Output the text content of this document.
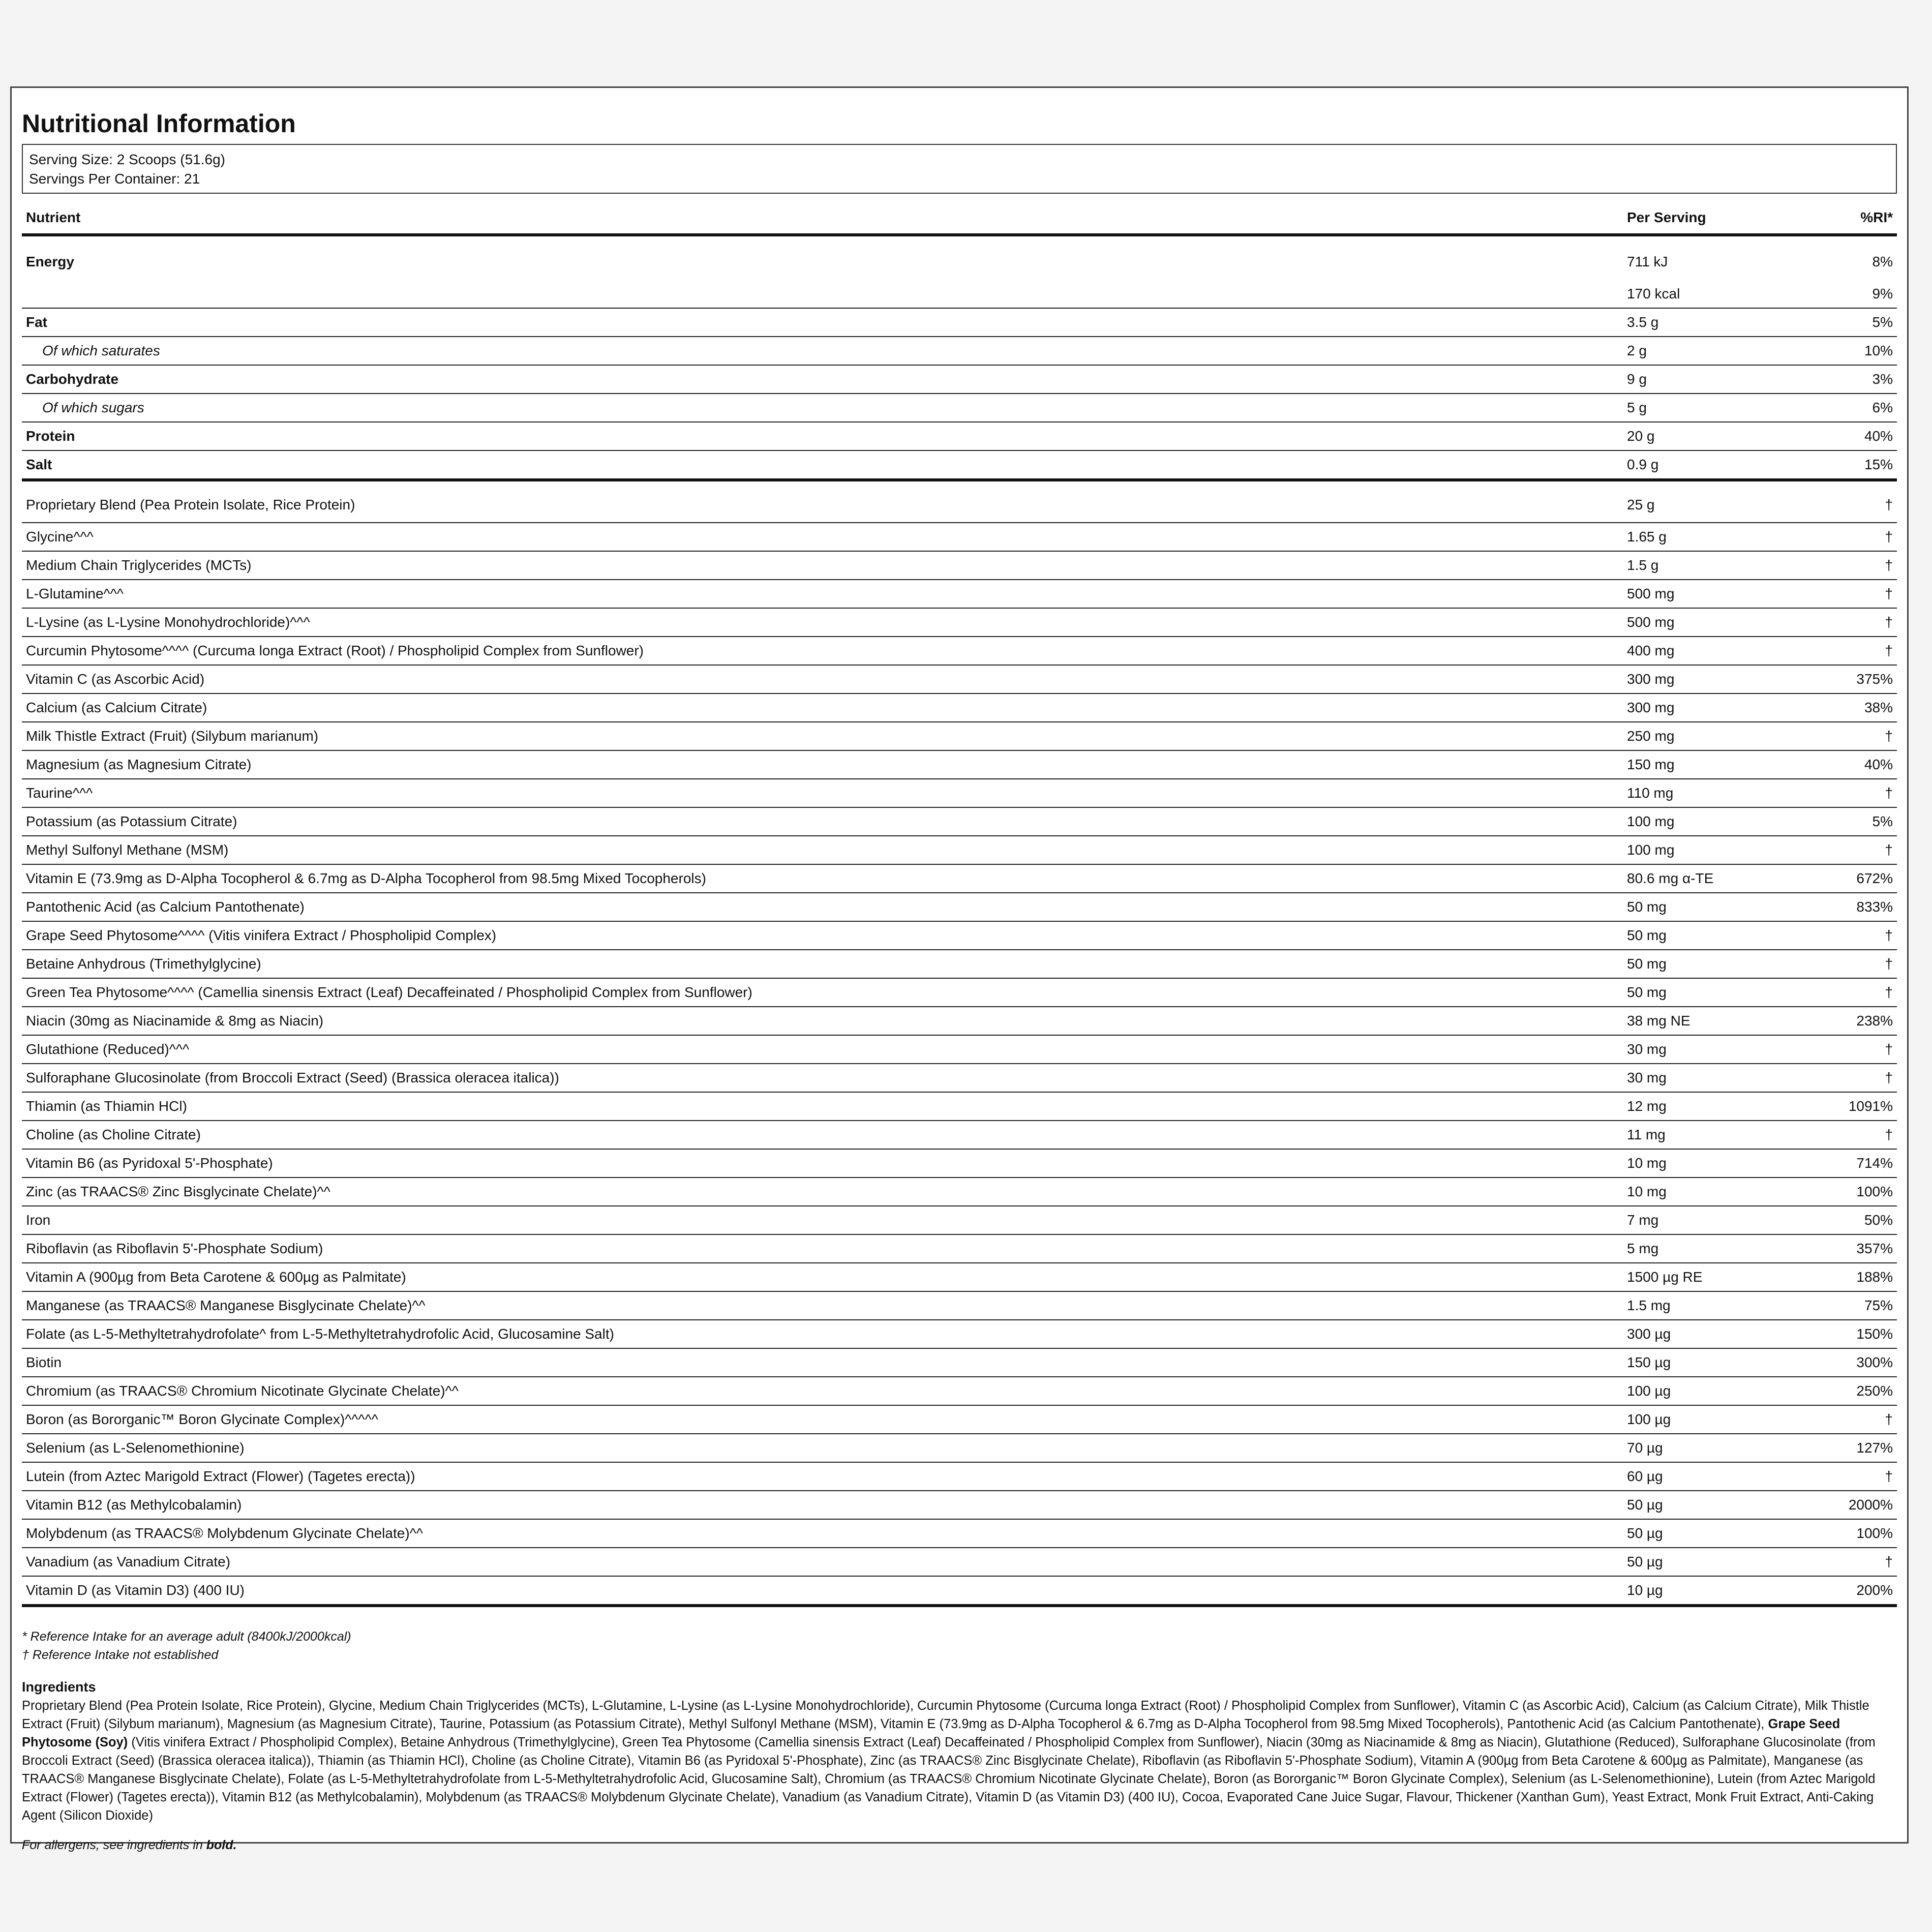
Nutritional Information
Serving Size: 2 Scoops (51.6g)
Servings Per Container: 21
Nutrient	Per Serving	%RI*
Energy	711 kJ	8%
	170 kcal	9%
Fat	3.5 g	5%
Of which saturates	2 g	10%
Carbohydrate	9 g	3%
Of which sugars	5 g	6%
Protein	20 g	40%
Salt	0.9 g	15%
Proprietary Blend (Pea Protein Isolate, Rice Protein)	25 g	†
Glycine^^^	1.65 g	†
Medium Chain Triglycerides (MCTs)	1.5 g	†
L-Glutamine^^^	500 mg	†
L-Lysine (as L-Lysine Monohydrochloride)^^^	500 mg	†
Curcumin Phytosome^^^^ (Curcuma longa Extract (Root) / Phospholipid Complex from Sunflower)	400 mg	†
Vitamin C (as Ascorbic Acid)	300 mg	375%
Calcium (as Calcium Citrate)	300 mg	38%
Milk Thistle Extract (Fruit) (Silybum marianum)	250 mg	†
Magnesium (as Magnesium Citrate)	150 mg	40%
Taurine^^^	110 mg	†
Potassium (as Potassium Citrate)	100 mg	5%
Methyl Sulfonyl Methane (MSM)	100 mg	†
Vitamin E (73.9mg as D-Alpha Tocopherol & 6.7mg as D-Alpha Tocopherol from 98.5mg Mixed Tocopherols)	80.6 mg α-TE	672%
Pantothenic Acid (as Calcium Pantothenate)	50 mg	833%
Grape Seed Phytosome^^^^ (Vitis vinifera Extract / Phospholipid Complex)	50 mg	†
Betaine Anhydrous (Trimethylglycine)	50 mg	†
Green Tea Phytosome^^^^ (Camellia sinensis Extract (Leaf) Decaffeinated / Phospholipid Complex from Sunflower)	50 mg	†
Niacin (30mg as Niacinamide & 8mg as Niacin)	38 mg NE	238%
Glutathione (Reduced)^^^	30 mg	†
Sulforaphane Glucosinolate (from Broccoli Extract (Seed) (Brassica oleracea italica))	30 mg	†
Thiamin (as Thiamin HCl)	12 mg	1091%
Choline (as Choline Citrate)	11 mg	†
Vitamin B6 (as Pyridoxal 5'-Phosphate)	10 mg	714%
Zinc (as TRAACS® Zinc Bisglycinate Chelate)^^	10 mg	100%
Iron	7 mg	50%
Riboflavin (as Riboflavin 5'-Phosphate Sodium)	5 mg	357%
Vitamin A (900µg from Beta Carotene & 600µg as Palmitate)	1500 µg RE	188%
Manganese (as TRAACS® Manganese Bisglycinate Chelate)^^	1.5 mg	75%
Folate (as L-5-Methyltetrahydrofolate^ from L-5-Methyltetrahydrofolic Acid, Glucosamine Salt)	300 µg	150%
Biotin	150 µg	300%
Chromium (as TRAACS® Chromium Nicotinate Glycinate Chelate)^^	100 µg	250%
Boron (as Bororganic™ Boron Glycinate Complex)^^^^^	100 µg	†
Selenium (as L-Selenomethionine)	70 µg	127%
Lutein (from Aztec Marigold Extract (Flower) (Tagetes erecta))	60 µg	†
Vitamin B12 (as Methylcobalamin)	50 µg	2000%
Molybdenum (as TRAACS® Molybdenum Glycinate Chelate)^^	50 µg	100%
Vanadium (as Vanadium Citrate)	50 µg	†
Vitamin D (as Vitamin D3) (400 IU)	10 µg	200%
* Reference Intake for an average adult (8400kJ/2000kcal)
† Reference Intake not established
Ingredients
Proprietary Blend (Pea Protein Isolate, Rice Protein), Glycine, Medium Chain Triglycerides (MCTs), L-Glutamine, L-Lysine (as L-Lysine Monohydrochloride), Curcumin Phytosome (Curcuma longa Extract (Root) / Phospholipid Complex from Sunflower), Vitamin C (as Ascorbic Acid), Calcium (as Calcium Citrate), Milk Thistle Extract (Fruit) (Silybum marianum), Magnesium (as Magnesium Citrate), Taurine, Potassium (as Potassium Citrate), Methyl Sulfonyl Methane (MSM), Vitamin E (73.9mg as D-Alpha Tocopherol & 6.7mg as D-Alpha Tocopherol from 98.5mg Mixed Tocopherols), Pantothenic Acid (as Calcium Pantothenate), Grape Seed Phytosome (Soy) (Vitis vinifera Extract / Phospholipid Complex), Betaine Anhydrous (Trimethylglycine), Green Tea Phytosome (Camellia sinensis Extract (Leaf) Decaffeinated / Phospholipid Complex from Sunflower), Niacin (30mg as Niacinamide & 8mg as Niacin), Glutathione (Reduced), Sulforaphane Glucosinolate (from Broccoli Extract (Seed) (Brassica oleracea italica)), Thiamin (as Thiamin HCl), Choline (as Choline Citrate), Vitamin B6 (as Pyridoxal 5'-Phosphate), Zinc (as TRAACS® Zinc Bisglycinate Chelate), Riboflavin (as Riboflavin 5'-Phosphate Sodium), Vitamin A (900µg from Beta Carotene & 600µg as Palmitate), Manganese (as TRAACS® Manganese Bisglycinate Chelate), Folate (as L-5-Methyltetrahydrofolate from L-5-Methyltetrahydrofolic Acid, Glucosamine Salt), Chromium (as TRAACS® Chromium Nicotinate Glycinate Chelate), Boron (as Bororganic™ Boron Glycinate Complex), Selenium (as L-Selenomethionine), Lutein (from Aztec Marigold Extract (Flower) (Tagetes erecta)), Vitamin B12 (as Methylcobalamin), Molybdenum (as TRAACS® Molybdenum Glycinate Chelate), Vanadium (as Vanadium Citrate), Vitamin D (as Vitamin D3) (400 IU), Cocoa, Evaporated Cane Juice Sugar, Flavour, Thickener (Xanthan Gum), Yeast Extract, Monk Fruit Extract, Anti-Caking Agent (Silicon Dioxide)
For allergens, see ingredients in bold.
